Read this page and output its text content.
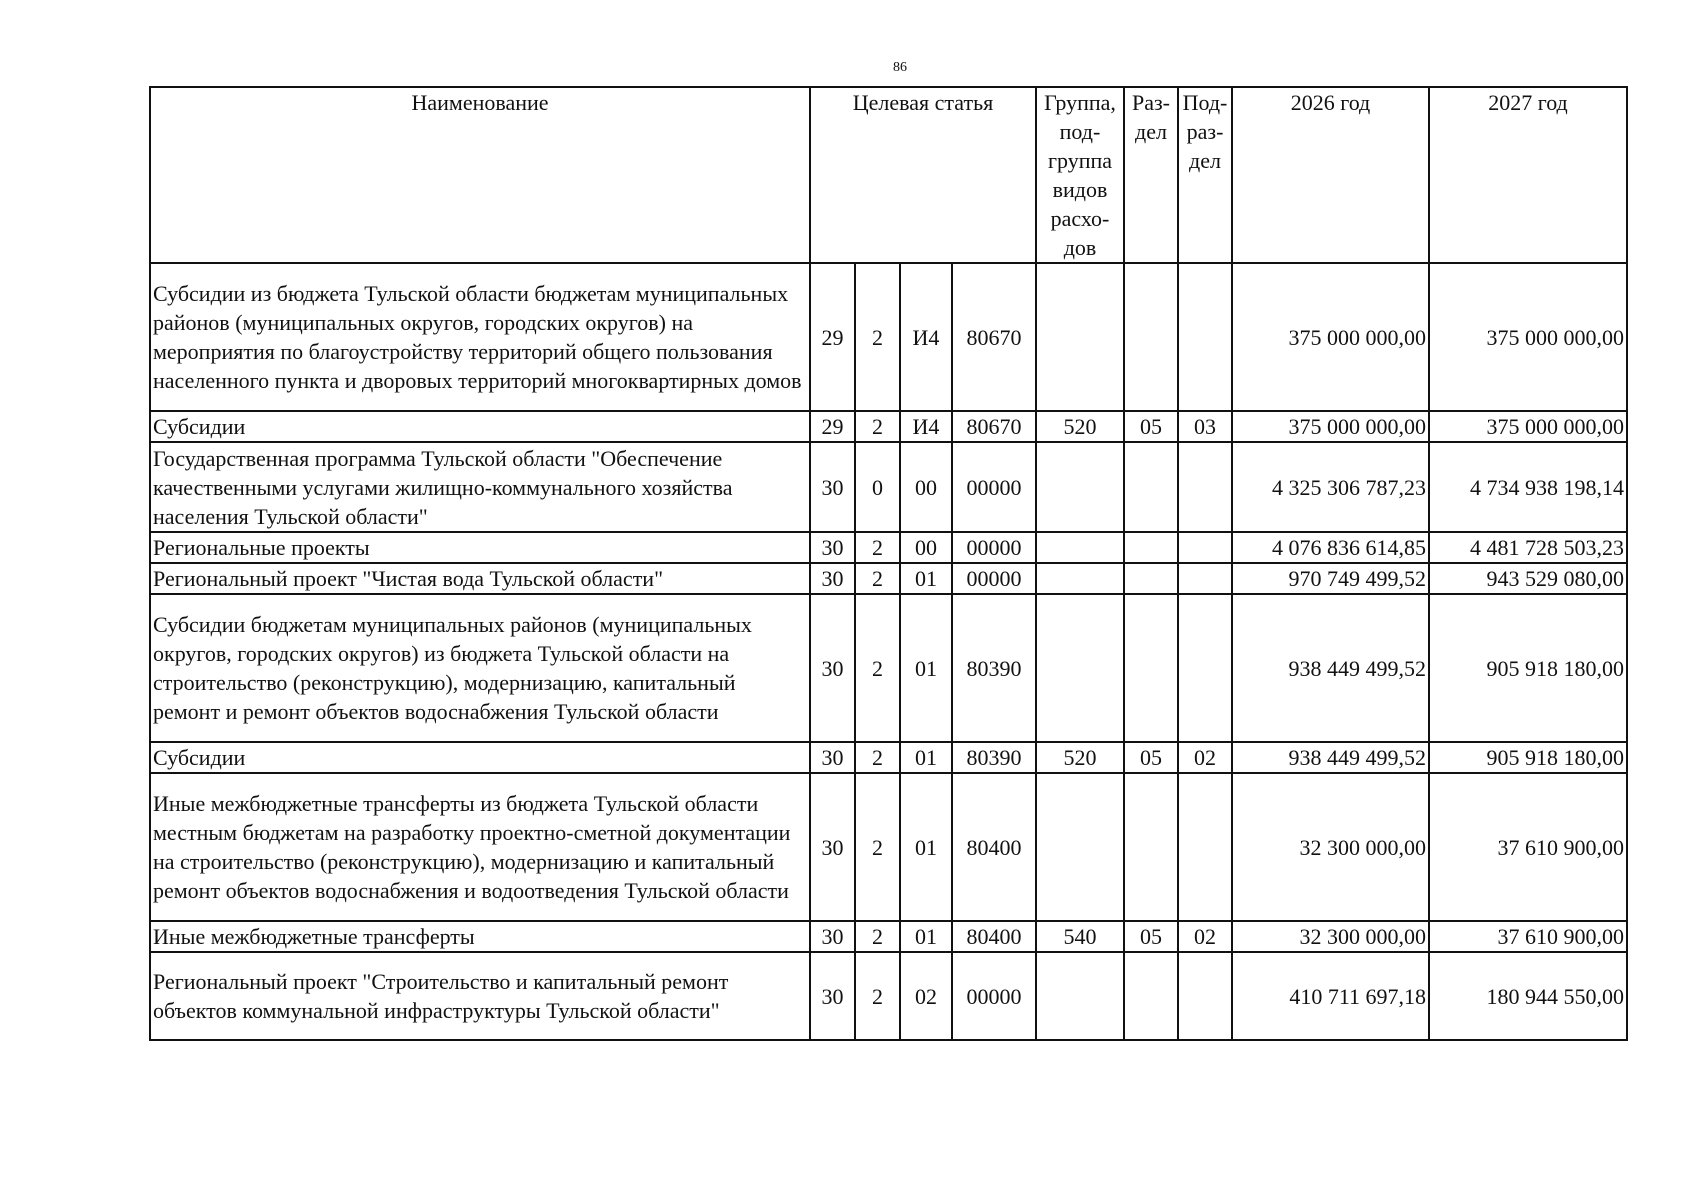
86
Наименование	Целевая статья				Группа, под-группа видов расхо-дов	Раз-дел	Под-раз-дел	2026 год	2027 год
Субсидии из бюджета Тульской области бюджетам муниципальных районов (муниципальных округов, городских округов) на мероприятия по благоустройству территорий общего пользования населенного пункта и дворовых территорий многоквартирных домов	29	2	И4	80670				375 000 000,00	375 000 000,00
Субсидии	29	2	И4	80670	520	05	03	375 000 000,00	375 000 000,00
Государственная программа Тульской области "Обеспечение качественными услугами жилищно-коммунального хозяйства населения Тульской области"	30	0	00	00000				4 325 306 787,23	4 734 938 198,14
Региональные проекты	30	2	00	00000				4 076 836 614,85	4 481 728 503,23
Региональный проект "Чистая вода Тульской области"	30	2	01	00000				970 749 499,52	943 529 080,00
Субсидии бюджетам муниципальных районов (муниципальных округов, городских округов) из бюджета Тульской области на строительство (реконструкцию), модернизацию, капитальный ремонт и ремонт объектов водоснабжения Тульской области	30	2	01	80390				938 449 499,52	905 918 180,00
Субсидии	30	2	01	80390	520	05	02	938 449 499,52	905 918 180,00
Иные межбюджетные трансферты из бюджета Тульской области местным бюджетам на разработку проектно-сметной документации на строительство (реконструкцию), модернизацию и капитальный ремонт объектов водоснабжения и водоотведения Тульской области	30	2	01	80400				32 300 000,00	37 610 900,00
Иные межбюджетные трансферты	30	2	01	80400	540	05	02	32 300 000,00	37 610 900,00
Региональный проект "Строительство и капитальный ремонт объектов коммунальной инфраструктуры Тульской области"	30	2	02	00000				410 711 697,18	180 944 550,00
